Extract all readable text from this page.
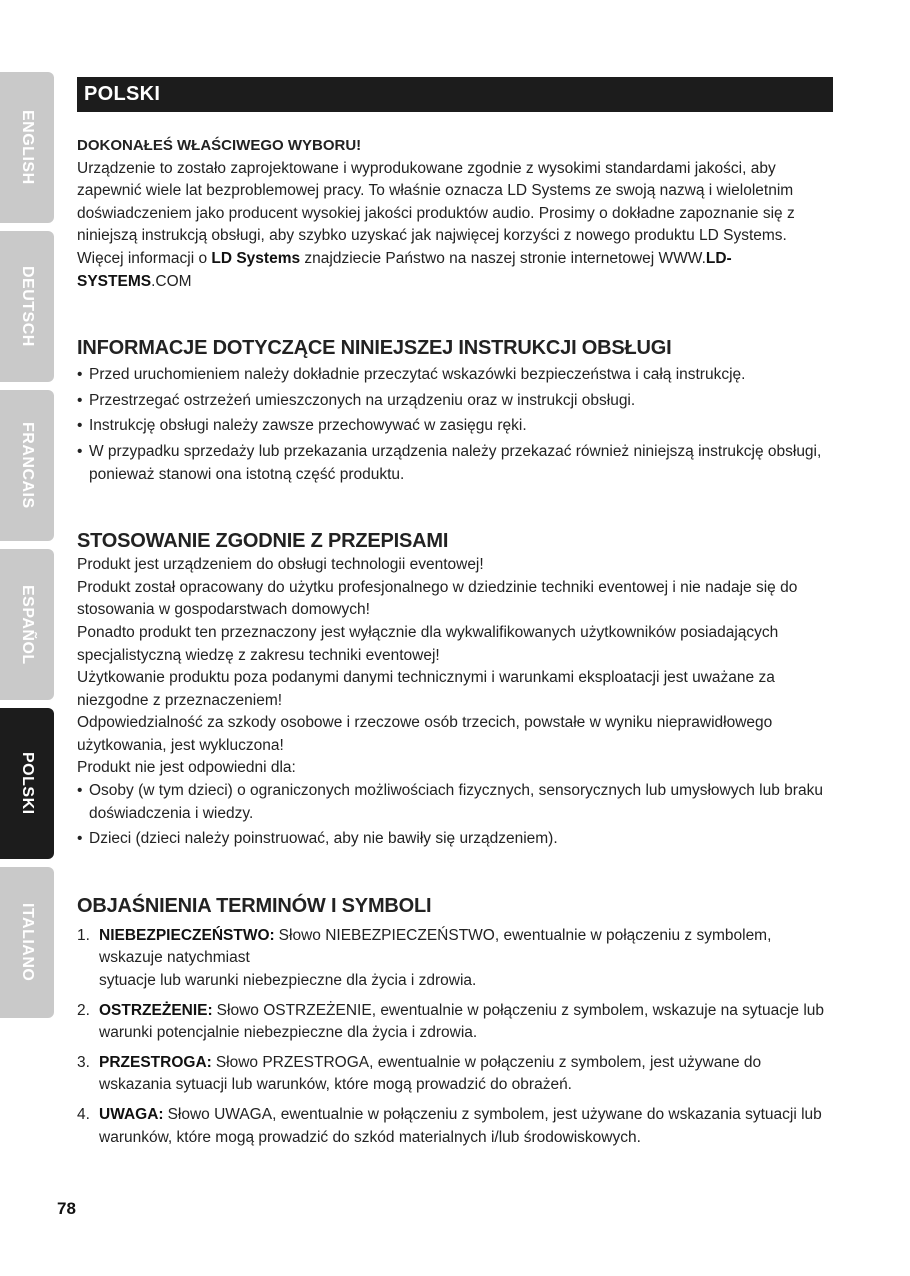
ENGLISH
DEUTSCH
FRANCAIS
ESPAÑOL
POLSKI
ITALIANO
POLSKI
DOKONAŁEŚ WŁAŚCIWEGO WYBORU!

Urządzenie to zostało zaprojektowane i wyprodukowane zgodnie z wysokimi standardami jakości, aby zapewnić wiele lat bezproblemowej pracy. To właśnie oznacza LD Systems ze swoją nazwą i wieloletnim doświadczeniem jako producent wysokiej jakości produktów audio. Prosimy o dokładne zapoznanie się z niniejszą instrukcją obsługi, aby szybko uzyskać jak najwięcej korzyści z nowego produktu LD Systems. Więcej informacji o LD Systems znajdziecie Państwo na naszej stronie internetowej WWW.LD-SYSTEMS.COM

INFORMACJE DOTYCZĄCE NINIEJSZEJ INSTRUKCJI OBSŁUGI
• Przed uruchomieniem należy dokładnie przeczytać wskazówki bezpieczeństwa i całą instrukcję.
• Przestrzegać ostrzeżeń umieszczonych na urządzeniu oraz w instrukcji obsługi.
• Instrukcję obsługi należy zawsze przechowywać w zasięgu ręki.
• W przypadku sprzedaży lub przekazania urządzenia należy przekazać również niniejszą instrukcję obsługi, ponieważ stanowi ona istotną część produktu.
STOSOWANIE ZGODNIE Z PRZEPISAMI

Produkt jest urządzeniem do obsługi technologii eventowej!

Produkt został opracowany do użytku profesjonalnego w dziedzinie techniki eventowej i nie nadaje się do stosowania w gospodarstwach domowych!

Ponadto produkt ten przeznaczony jest wyłącznie dla wykwalifikowanych użytkowników posiadających specjalistyczną wiedzę z zakresu techniki eventowej!

Użytkowanie produktu poza podanymi danymi technicznymi i warunkami eksploatacji jest uważane za niezgodne z przeznaczeniem!

Odpowiedzialność za szkody osobowe i rzeczowe osób trzecich, powstałe w wyniku nieprawidłowego użytkowania, jest wykluczona!

Produkt nie jest odpowiedni dla:

• Osoby (w tym dzieci) o ograniczonych możliwościach fizycznych, sensorycznych lub umysłowych lub braku doświadczenia i wiedzy.
• Dzieci (dzieci należy poinstruować, aby nie bawiły się urządzeniem).
OBJAŚNIENIA TERMINÓW I SYMBOLI
1. NIEBEZPIECZEŃSTWO: Słowo NIEBEZPIECZEŃSTWO, ewentualnie w połączeniu z symbolem, wskazuje natychmiast
sytuacje lub warunki niebezpieczne dla życia i zdrowia.
2. OSTRZEŻENIE: Słowo OSTRZEŻENIE, ewentualnie w połączeniu z symbolem, wskazuje na sytuacje lub warunki potencjalnie niebezpieczne dla życia i zdrowia.
3. PRZESTROGA: Słowo PRZESTROGA, ewentualnie w połączeniu z symbolem, jest używane do wskazania sytuacji lub warunków, które mogą prowadzić do obrażeń.
4. UWAGA: Słowo UWAGA, ewentualnie w połączeniu z symbolem, jest używane do wskazania sytuacji lub warunków, które mogą prowadzić do szkód materialnych i/lub środowiskowych.
78
